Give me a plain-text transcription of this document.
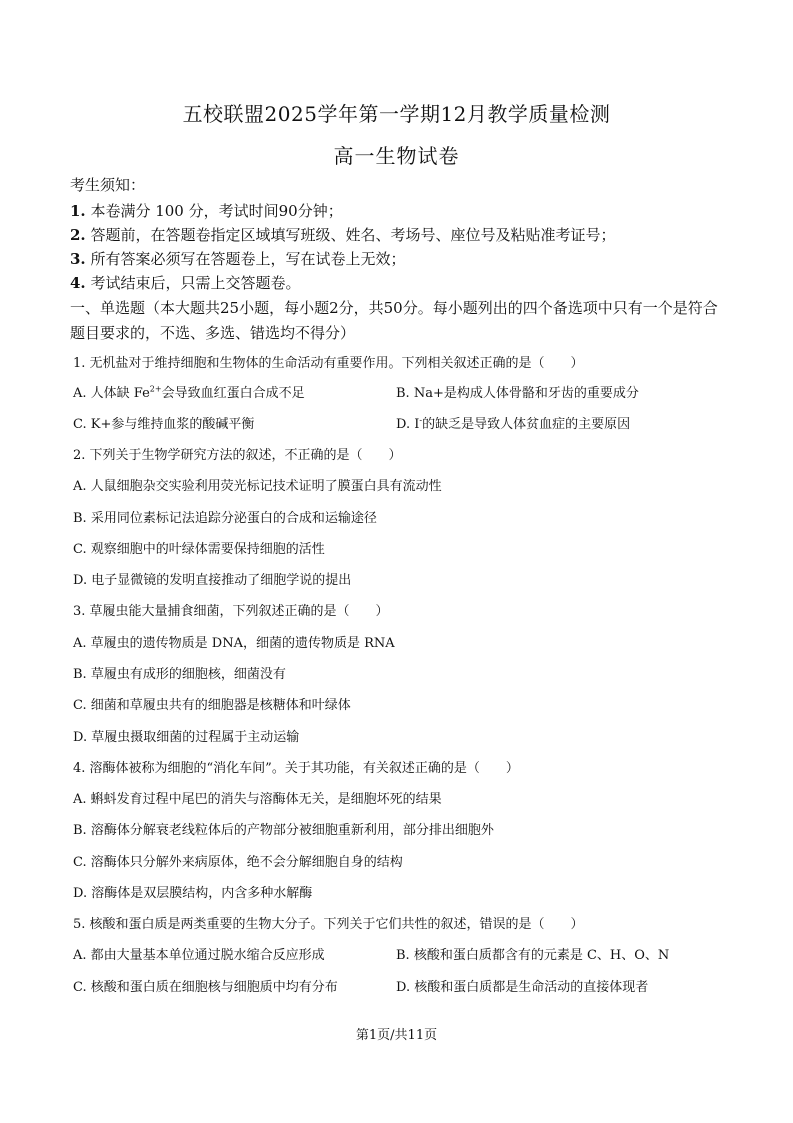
五校联盟2025学年第一学期12月教学质量检测
高一生物试卷
考生须知：
1. 本卷满分 100 分，考试时间90分钟；
2. 答题前，在答题卷指定区域填写班级、姓名、考场号、座位号及粘贴准考证号；
3. 所有答案必须写在答题卷上，写在试卷上无效；
4. 考试结束后，只需上交答题卷。
一、单选题（本大题共25小题，每小题2分，共50分。每小题列出的四个备选项中只有一个是符合题目要求的，不选、多选、错选均不得分）
1. 无机盐对于维持细胞和生物体的生命活动有重要作用。下列相关叙述正确的是（　　）
A. 人体缺 $Fe^{2+}$会导致血红蛋白合成不足	B. Na+是构成人体骨骼和牙齿的重要成分
C. K+参与维持血浆的酸碱平衡	D. I-的缺乏是导致人体贫血症的主要原因
2. 下列关于生物学研究方法的叙述，不正确的是（　　）
A. 人鼠细胞杂交实验利用荧光标记技术证明了膜蛋白具有流动性
B. 采用同位素标记法追踪分泌蛋白的合成和运输途径
C. 观察细胞中的叶绿体需要保持细胞的活性
D. 电子显微镜的发明直接推动了细胞学说的提出
3. 草履虫能大量捕食细菌，下列叙述正确的是（　　）
A. 草履虫的遗传物质是 DNA，细菌的遗传物质是 RNA
B. 草履虫有成形的细胞核，细菌没有
C. 细菌和草履虫共有的细胞器是核糖体和叶绿体
D. 草履虫摄取细菌的过程属于主动运输
4. 溶酶体被称为细胞的“消化车间”。关于其功能，有关叙述正确的是（　　）
A. 蝌蚪发育过程中尾巴的消失与溶酶体无关，是细胞坏死的结果
B. 溶酶体分解衰老线粒体后的产物部分被细胞重新利用，部分排出细胞外
C. 溶酶体只分解外来病原体，绝不会分解细胞自身的结构
D. 溶酶体是双层膜结构，内含多种水解酶
5. 核酸和蛋白质是两类重要的生物大分子。下列关于它们共性的叙述，错误的是（　　）
A. 都由大量基本单位通过脱水缩合反应形成	B. 核酸和蛋白质都含有的元素是 C、H、O、N
C. 核酸和蛋白质在细胞核与细胞质中均有分布	D. 核酸和蛋白质都是生命活动的直接体现者
第1页/共11页
